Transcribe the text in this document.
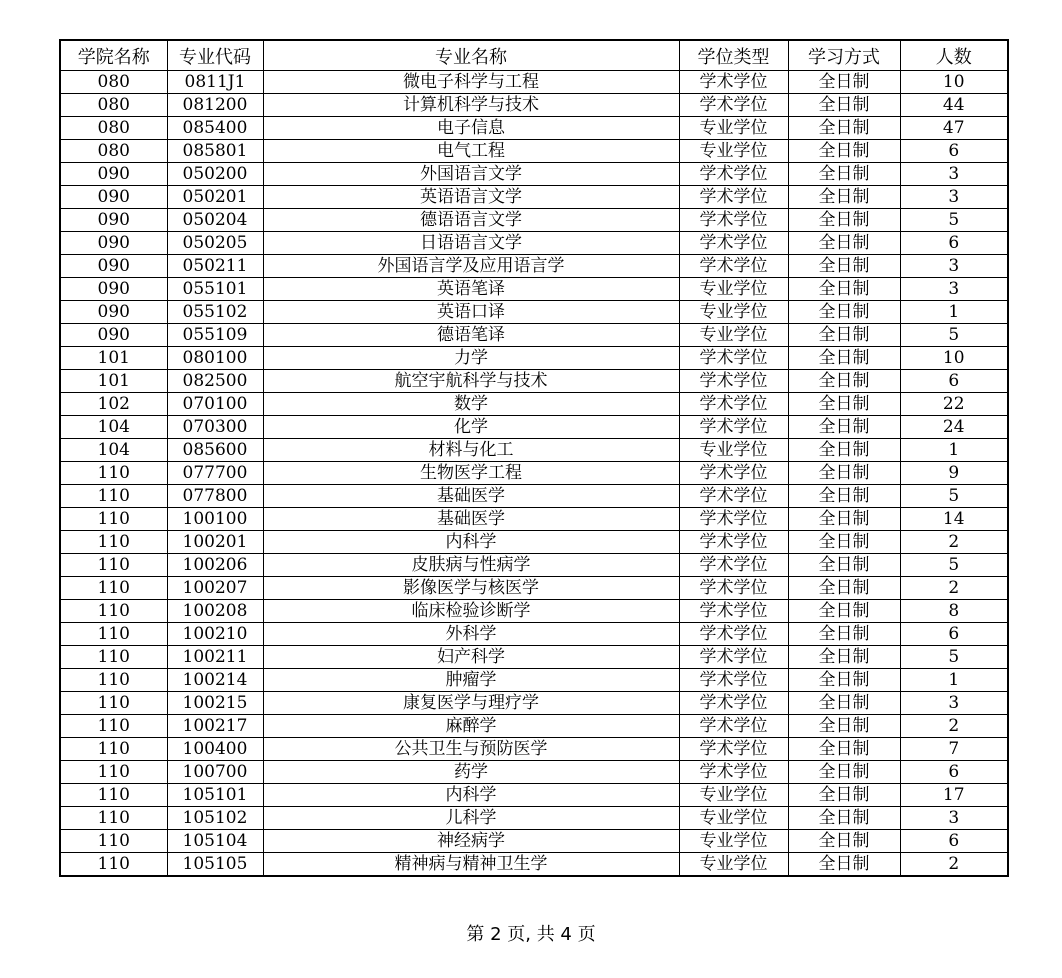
学院名称	专业代码	专业名称	学位类型	学习方式	人数
080	0811J1	微电子科学与工程	学术学位	全日制	10
080	081200	计算机科学与技术	学术学位	全日制	44
080	085400	电子信息	专业学位	全日制	47
080	085801	电气工程	专业学位	全日制	6
090	050200	外国语言文学	学术学位	全日制	3
090	050201	英语语言文学	学术学位	全日制	3
090	050204	德语语言文学	学术学位	全日制	5
090	050205	日语语言文学	学术学位	全日制	6
090	050211	外国语言学及应用语言学	学术学位	全日制	3
090	055101	英语笔译	专业学位	全日制	3
090	055102	英语口译	专业学位	全日制	1
090	055109	德语笔译	专业学位	全日制	5
101	080100	力学	学术学位	全日制	10
101	082500	航空宇航科学与技术	学术学位	全日制	6
102	070100	数学	学术学位	全日制	22
104	070300	化学	学术学位	全日制	24
104	085600	材料与化工	专业学位	全日制	1
110	077700	生物医学工程	学术学位	全日制	9
110	077800	基础医学	学术学位	全日制	5
110	100100	基础医学	学术学位	全日制	14
110	100201	内科学	学术学位	全日制	2
110	100206	皮肤病与性病学	学术学位	全日制	5
110	100207	影像医学与核医学	学术学位	全日制	2
110	100208	临床检验诊断学	学术学位	全日制	8
110	100210	外科学	学术学位	全日制	6
110	100211	妇产科学	学术学位	全日制	5
110	100214	肿瘤学	学术学位	全日制	1
110	100215	康复医学与理疗学	学术学位	全日制	3
110	100217	麻醉学	学术学位	全日制	2
110	100400	公共卫生与预防医学	学术学位	全日制	7
110	100700	药学	学术学位	全日制	6
110	105101	内科学	专业学位	全日制	17
110	105102	儿科学	专业学位	全日制	3
110	105104	神经病学	专业学位	全日制	6
110	105105	精神病与精神卫生学	专业学位	全日制	2
第 2 页, 共 4 页
